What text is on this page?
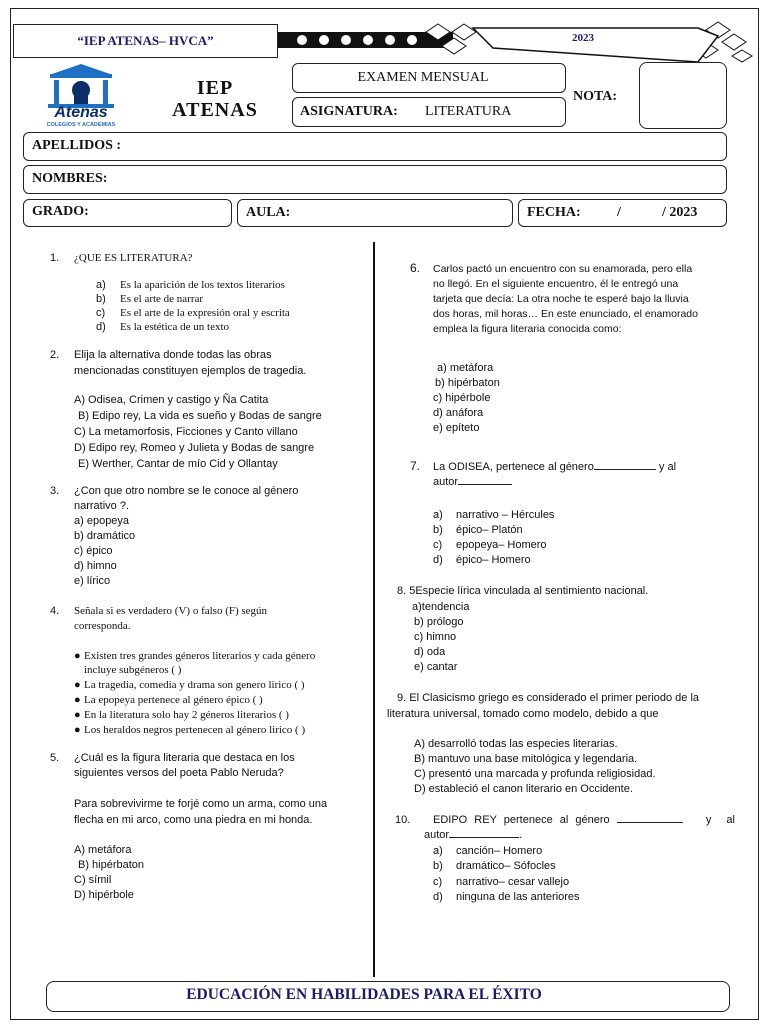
“IEP ATENAS– HVCA”	2023
Atenas
COLEGIOS Y ACADEMIAS
IEP
ATENAS
EXAMEN MENSUAL
ASIGNATURA: LITERATURA
NOTA:
APELLIDOS :
NOMBRES:
GRADO:	AULA:	FECHA:	/	/ 2023
1. ¿QUE ES LITERATURA?
a) Es la aparición de los textos literarios
b) Es el arte de narrar
c) Es el arte de la expresión oral y escrita
d) Es la estética de un texto
2. Elija la alternativa donde todas las obras
mencionadas constituyen ejemplos de tragedia.
A) Odisea, Crimen y castigo y Ña Catita
B) Edipo rey, La vida es sueño y Bodas de sangre
C) La metamorfosis, Ficciones y Canto villano
D) Edipo rey, Romeo y Julieta y Bodas de sangre
E) Werther, Cantar de mío Cid y Ollantay
3. ¿Con que otro nombre se le conoce al género
narrativo ?.
a) epopeya
b) dramático
c) épico
d) himno
e) lírico
4. Señala si es verdadero (V) o falso (F) según
corresponda.
● Existen tres grandes géneros literarios y cada género
incluye subgéneros ( )
● La tragedia, comedia y drama son genero lirico ( )
● La epopeya pertenece al género épico ( )
● En la literatura solo hay 2 géneros literarios ( )
● Los heraldos negros pertenecen al género lirico ( )
5. ¿Cuál es la figura literaria que destaca en los
siguientes versos del poeta Pablo Neruda?
Para sobrevivirme te forjé como un arma, como una
flecha en mi arco, como una piedra en mi honda.
A) metáfora
B) hipérbaton
C) símil
D) hipérbole
6. Carlos pactó un encuentro con su enamorada, pero ella
no llegó. En el siguiente encuentro, él le entregó una
tarjeta que decía: La otra noche te esperé bajo la lluvia
dos horas, mil horas… En este enunciado, el enamorado
emplea la figura literaria conocida como:
a) metáfora
b) hipérbaton
c) hipérbole
d) anáfora
e) epíteto
7. La ODISEA, pertenece al género	y al
autor
a) narrativo – Hércules
b) épico– Platón
c) epopeya– Homero
d) épico– Homero
8. 5Especie lírica vinculada al sentimiento nacional.
a)tendencia
b) prólogo
c) himno
d) oda
e) cantar
9. El Clasicismo griego es considerado el primer periodo de la
literatura universal, tomado como modelo, debido a que
A) desarrolló todas las especies literarias.
B) mantuvo una base mitológica y legendaria.
C) presentó una marcada y profunda religiosidad.
D) estableció el canon literario en Occidente.
10. EDIPO REY pertenece al género	y al
autor	.
a) canción– Homero
b) dramático– Sófocles
c) narrativo– cesar vallejo
d) ninguna de las anteriores
EDUCACIÓN EN HABILIDADES PARA EL ÉXITO
